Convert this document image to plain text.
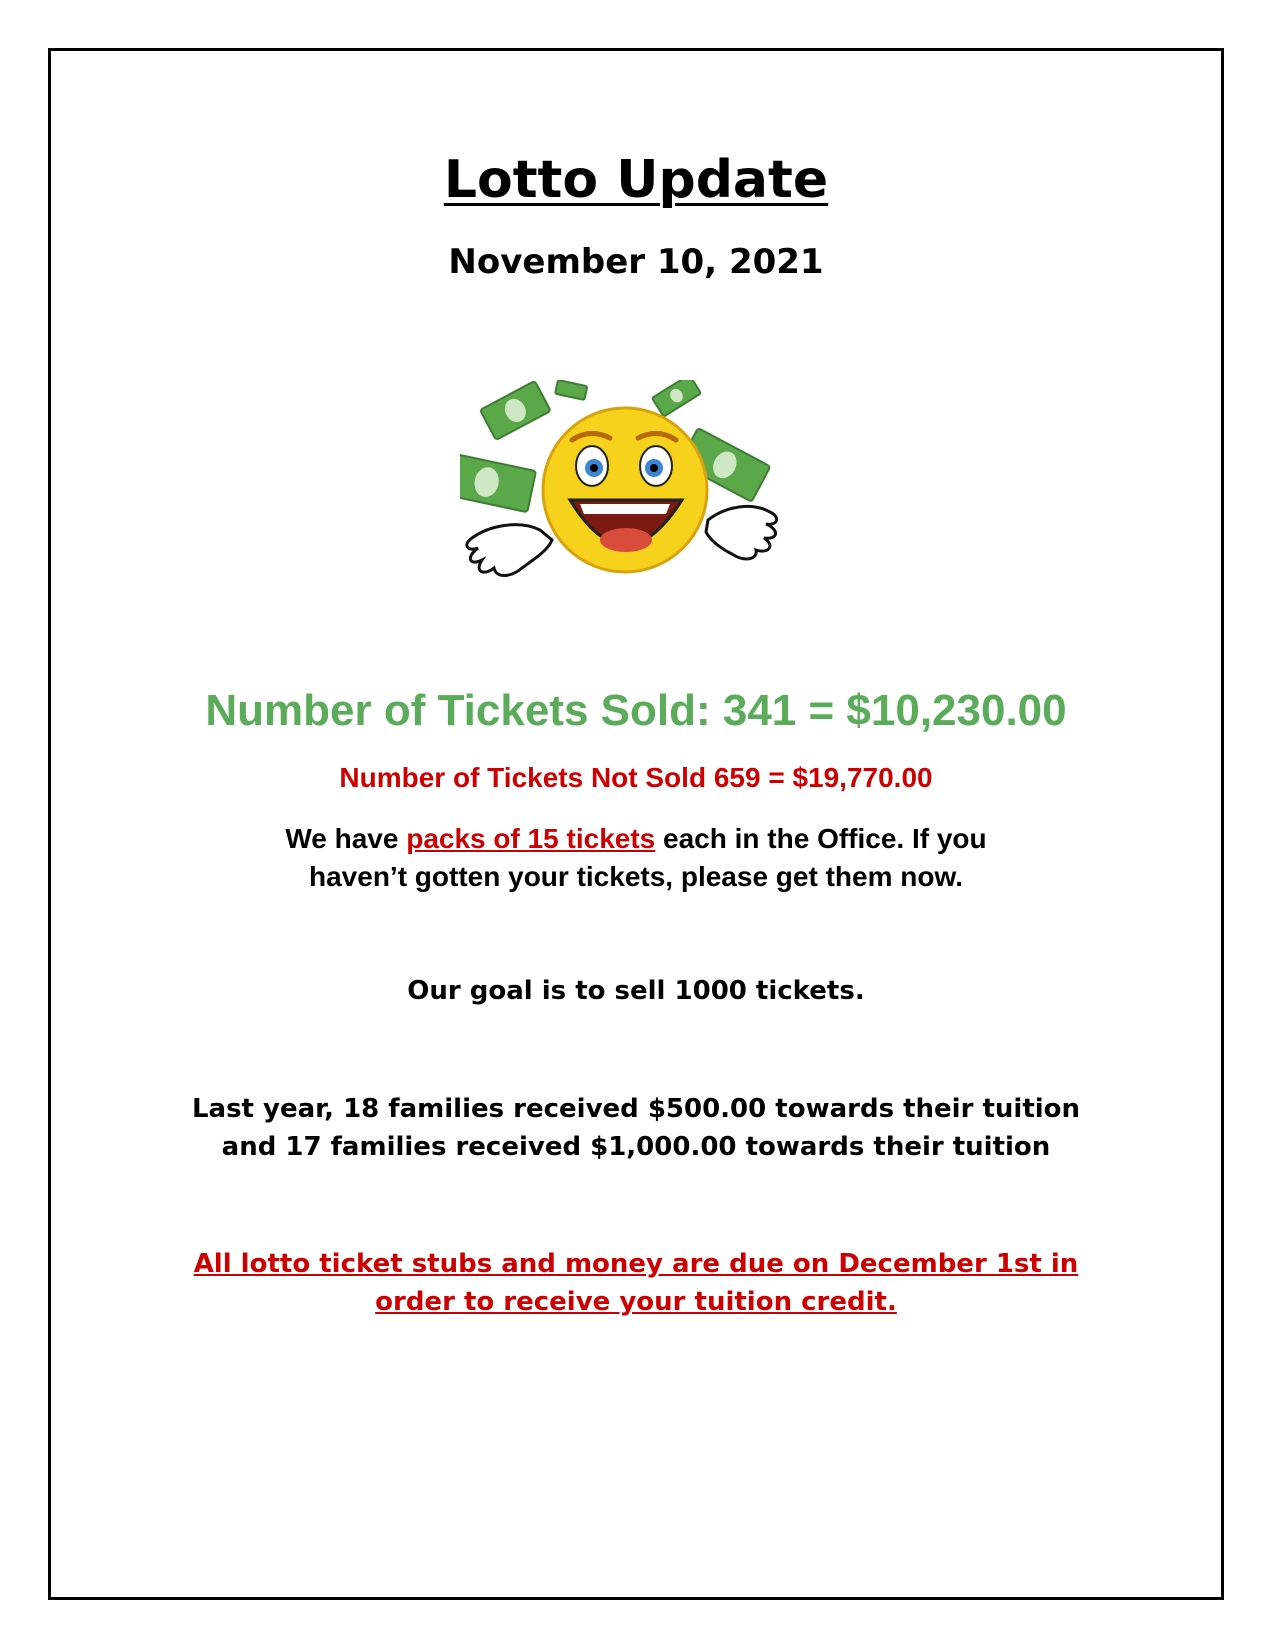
Lotto Update
November 10, 2021
Number of Tickets Sold: 341 = $10,230.00
Number of Tickets Not Sold 659 = $19,770.00
We have packs of 15 tickets each in the Office. If you
haven’t gotten your tickets, please get them now.
Our goal is to sell 1000 tickets.
Last year, 18 families received $500.00 towards their tuition
and 17 families received $1,000.00 towards their tuition
All lotto ticket stubs and money are due on December 1st in
order to receive your tuition credit.
